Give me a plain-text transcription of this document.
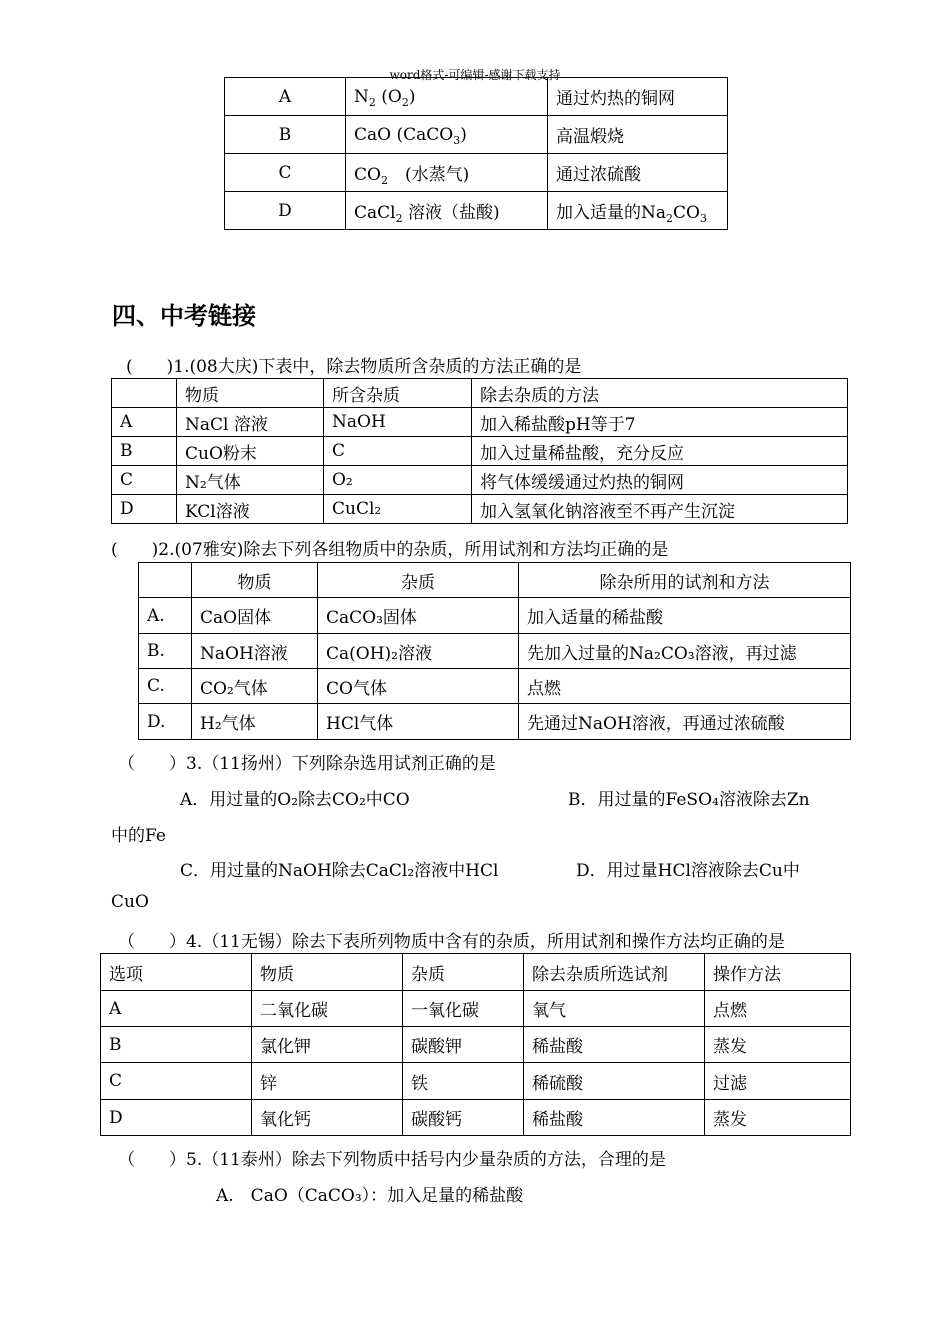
word格式-可编辑-感谢下载支持
A	$N_2$ $(O_2)$	通过灼热的铜网
B	CaO (CaCO$_3$)	高温煅烧
C	$CO_2$　(水蒸气)	通过浓硫酸
D	CaCl$_2$ 溶液（盐酸)	加入适量的$Na_2CO_3$
四、中考链接
(　　)1.(08大庆)下表中，除去物质所含杂质的方法正确的是
	物质	所含杂质	除去杂质的方法
A	NaCl 溶液	NaOH	加入稀盐酸pH等于7
B	CuO粉末	C	加入过量稀盐酸，充分反应
C	N₂气体	O₂	将气体缓缓通过灼热的铜网
D	KCl溶液	CuCl₂	加入氢氧化钠溶液至不再产生沉淀
(　　)2.(07雅安)除去下列各组物质中的杂质，所用试剂和方法均正确的是
	物质	杂质	除杂所用的试剂和方法
A.	CaO固体	CaCO₃固体	加入适量的稀盐酸
B.	NaOH溶液	Ca(OH)₂溶液	先加入过量的Na₂CO₃溶液，再过滤
C.	CO₂气体	CO气体	点燃
D.	H₂气体	HCl气体	先通过NaOH溶液，再通过浓硫酸
（　　）3.（11扬州）下列除杂选用试剂正确的是
A．用过量的O₂除去CO₂中CO	B．用过量的FeSO₄溶液除去Zn
中的Fe
C．用过量的NaOH除去CaCl₂溶液中HCl	D．用过量HCl溶液除去Cu中
CuO
（　　）4.（11无锡）除去下表所列物质中含有的杂质，所用试剂和操作方法均正确的是
选项	物质	杂质	除去杂质所选试剂	操作方法
A	二氧化碳	一氧化碳	氧气	点燃
B	氯化钾	碳酸钾	稀盐酸	蒸发
C	锌	铁	稀硫酸	过滤
D	氧化钙	碳酸钙	稀盐酸	蒸发
（　　）5.（11泰州）除去下列物质中括号内少量杂质的方法，合理的是
A.　CaO（CaCO₃）：加入足量的稀盐酸
